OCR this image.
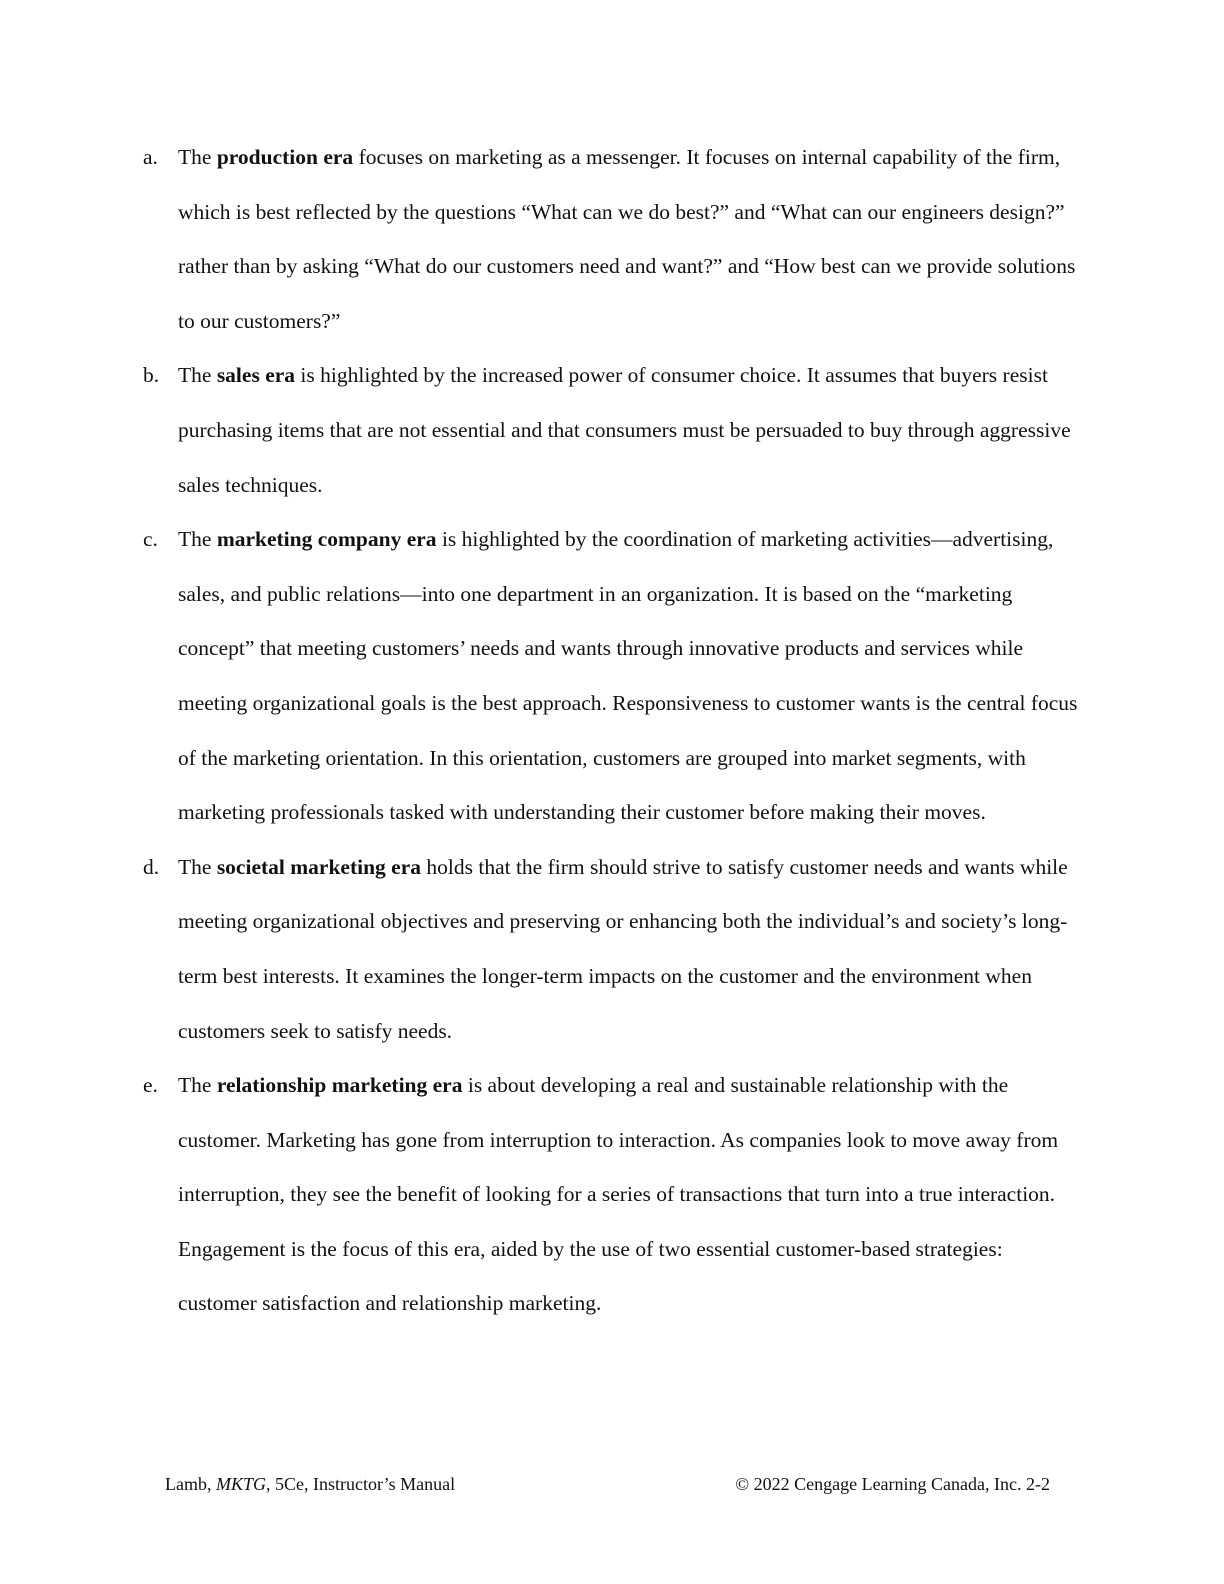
a. The production era focuses on marketing as a messenger. It focuses on internal capability of the firm, which is best reflected by the questions “What can we do best?” and “What can our engineers design?” rather than by asking “What do our customers need and want?” and “How best can we provide solutions to our customers?”
b. The sales era is highlighted by the increased power of consumer choice. It assumes that buyers resist purchasing items that are not essential and that consumers must be persuaded to buy through aggressive sales techniques.
c. The marketing company era is highlighted by the coordination of marketing activities—advertising, sales, and public relations—into one department in an organization. It is based on the “marketing concept” that meeting customers’ needs and wants through innovative products and services while meeting organizational goals is the best approach. Responsiveness to customer wants is the central focus of the marketing orientation. In this orientation, customers are grouped into market segments, with marketing professionals tasked with understanding their customer before making their moves.
d. The societal marketing era holds that the firm should strive to satisfy customer needs and wants while meeting organizational objectives and preserving or enhancing both the individual’s and society’s long-term best interests. It examines the longer-term impacts on the customer and the environment when customers seek to satisfy needs.
e. The relationship marketing era is about developing a real and sustainable relationship with the customer. Marketing has gone from interruption to interaction. As companies look to move away from interruption, they see the benefit of looking for a series of transactions that turn into a true interaction. Engagement is the focus of this era, aided by the use of two essential customer-based strategies: customer satisfaction and relationship marketing.
Lamb, MKTG, 5Ce, Instructor’s Manual	© 2022 Cengage Learning Canada, Inc. 2-2
